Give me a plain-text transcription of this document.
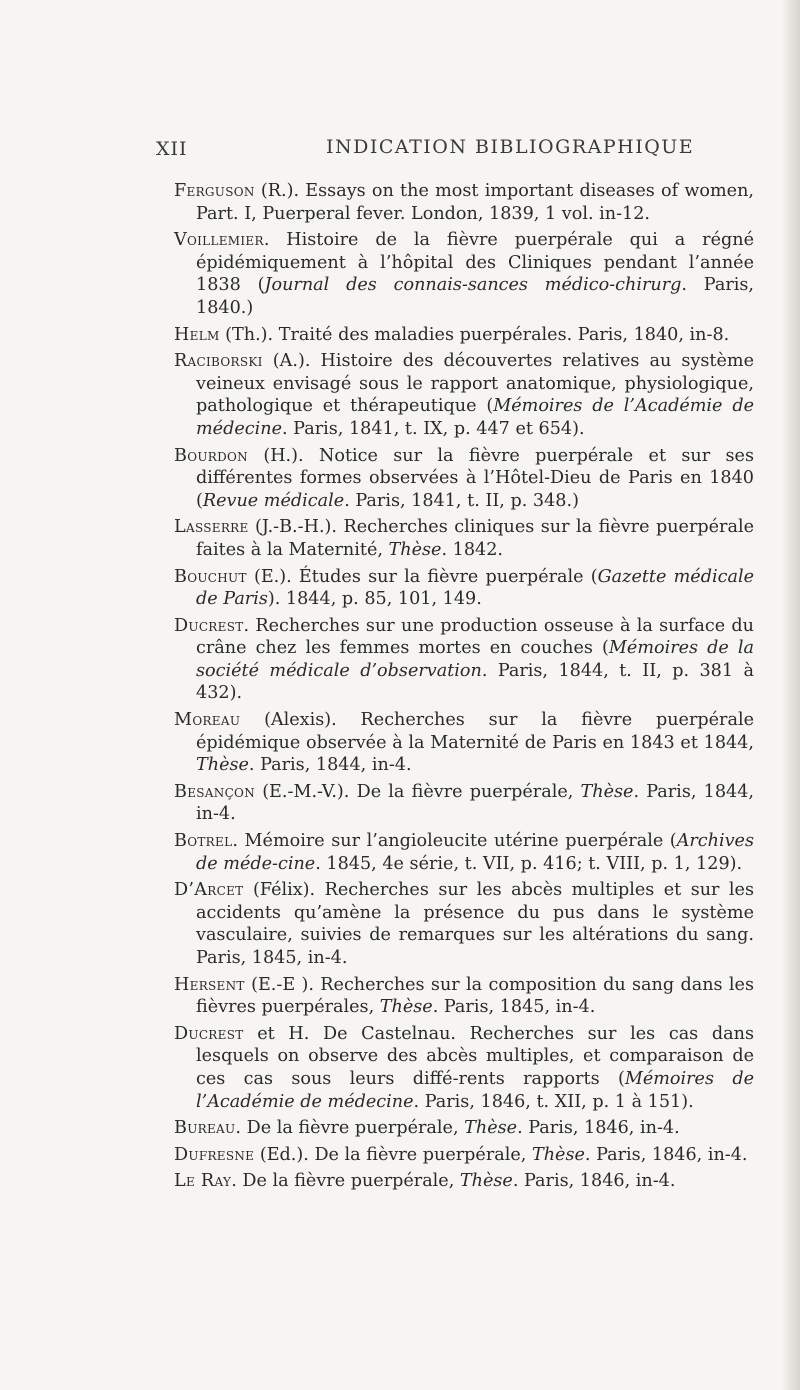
XII	INDICATION BIBLIOGRAPHIQUE

Ferguson (R.). Essays on the most important diseases of women, Part. I, Puerperal fever. London, 1839, 1 vol. in-12.

Voillemier. Histoire de la fièvre puerpérale qui a régné épidémiquement à l’hôpital des Cliniques pendant l’année 1838 (Journal des connais-sances médico-chirurg. Paris, 1840.)

Helm (Th.). Traité des maladies puerpérales. Paris, 1840, in-8.

Raciborski (A.). Histoire des découvertes relatives au système veineux envisagé sous le rapport anatomique, physiologique, pathologique et thérapeutique (Mémoires de l’Académie de médecine. Paris, 1841, t. IX, p. 447 et 654).

Bourdon (H.). Notice sur la fièvre puerpérale et sur ses différentes formes observées à l’Hôtel-Dieu de Paris en 1840 (Revue médicale. Paris, 1841, t. II, p. 348.)

Lasserre (J.-B.-H.). Recherches cliniques sur la fièvre puerpérale faites à la Maternité, Thèse. 1842.

Bouchut (E.). Études sur la fièvre puerpérale (Gazette médicale de Paris). 1844, p. 85, 101, 149.

Ducrest. Recherches sur une production osseuse à la surface du crâne chez les femmes mortes en couches (Mémoires de la société médicale d’observation. Paris, 1844, t. II, p. 381 à 432).

Moreau (Alexis). Recherches sur la fièvre puerpérale épidémique observée à la Maternité de Paris en 1843 et 1844, Thèse. Paris, 1844, in-4.

Besançon (E.-M.-V.). De la fièvre puerpérale, Thèse. Paris, 1844, in-4.

Botrel. Mémoire sur l’angioleucite utérine puerpérale (Archives de méde-cine. 1845, 4e série, t. VII, p. 416; t. VIII, p. 1, 129).

D’Arcet (Félix). Recherches sur les abcès multiples et sur les accidents qu’amène la présence du pus dans le système vasculaire, suivies de remarques sur les altérations du sang. Paris, 1845, in-4.

Hersent (E.-E ). Recherches sur la composition du sang dans les fièvres puerpérales, Thèse. Paris, 1845, in-4.

Ducrest et H. De Castelnau. Recherches sur les cas dans lesquels on observe des abcès multiples, et comparaison de ces cas sous leurs diffé-rents rapports (Mémoires de l’Académie de médecine. Paris, 1846, t. XII, p. 1 à 151).

Bureau. De la fièvre puerpérale, Thèse. Paris, 1846, in-4.

Dufresne (Ed.). De la fièvre puerpérale, Thèse. Paris, 1846, in-4.

Le Ray. De la fièvre puerpérale, Thèse. Paris, 1846, in-4.
